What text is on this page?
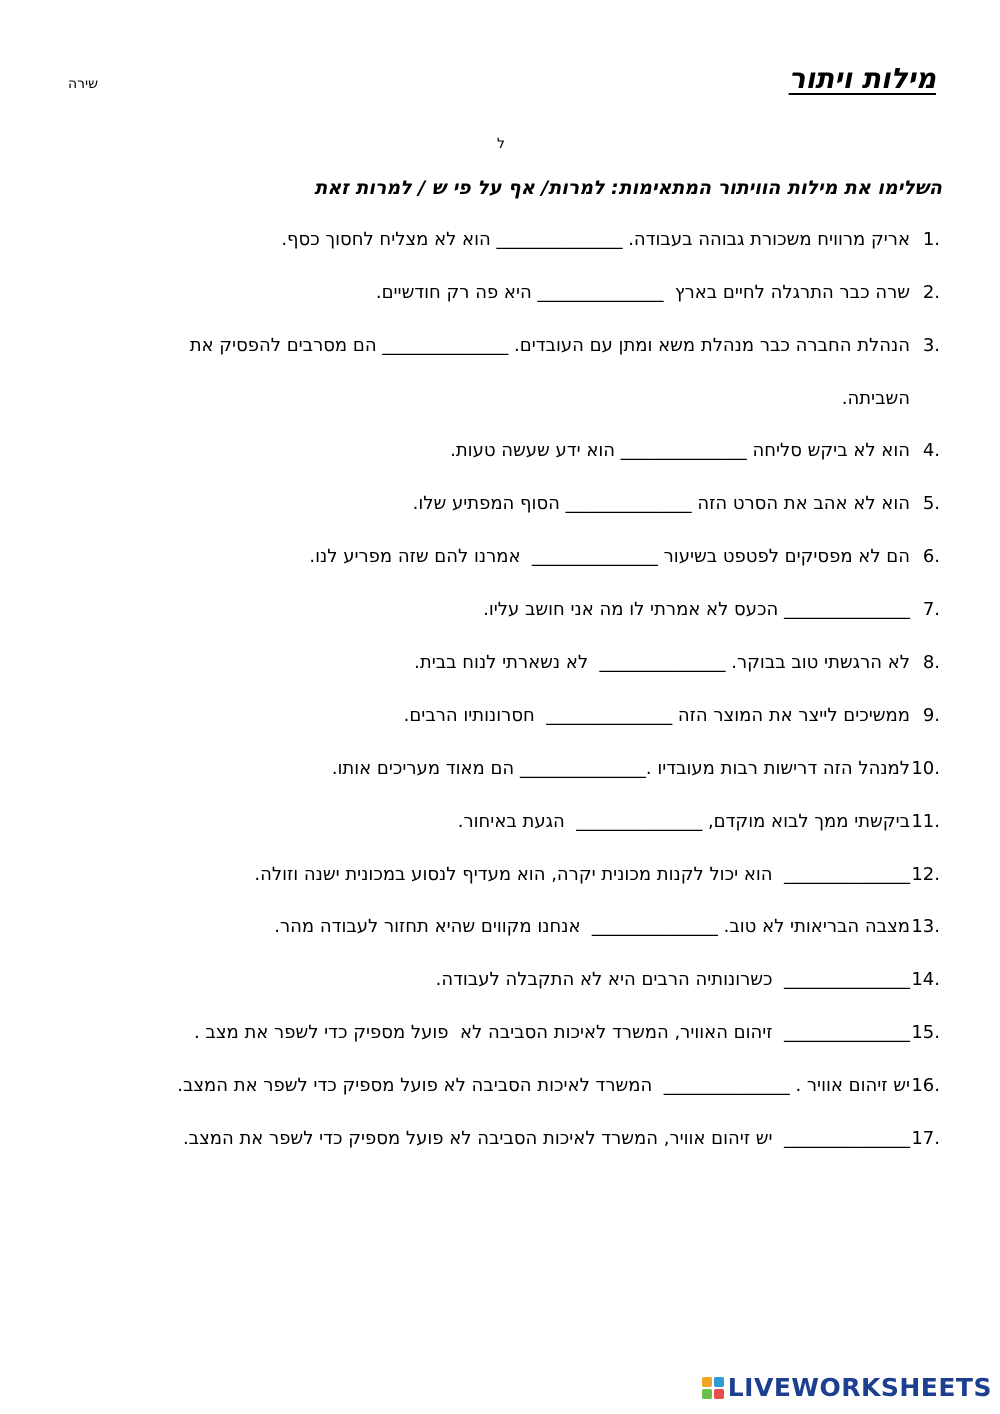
מילות ויתור
שירה
ל
השלימו את מילות הוויתור המתאימות: למרות/ אף על פי ש / למרות זאת
1.
אריק מרוויח משכורת גבוהה בעבודה. ______________ הוא לא מצליח לחסוך כסף.
2.
שרה כבר התרגלה לחיים בארץ  ______________ היא פה רק חודשיים.
3.
הנהלת החברה כבר מנהלת משא ומתן עם העובדים. ______________ הם מסרבים להפסיק את
השביתה.
4.
הוא לא ביקש סליחה ______________ הוא ידע שעשה טעות.
5.
הוא לא אהב את הסרט הזה ______________ הסוף המפתיע שלו.
6.
הם לא מפסיקים לפטפט בשיעור ______________  אמרנו להם שזה מפריע לנו.
7.
______________ הכעס לא אמרתי לו מה אני חושב עליו.
8.
לא הרגשתי טוב בבוקר. ______________  לא נשארתי לנוח בבית.
9.
ממשיכים לייצר את המוצר הזה ______________  חסרונותיו הרבים.
10.
למנהל הזה דרישות רבות מעובדיו .______________ הם מאוד מעריכים אותו.
11.
ביקשתי ממך לבוא מוקדם, ______________  הגעת באיחור.
12.
______________  הוא יכול לקנות מכונית יקרה, הוא מעדיף לנסוע במכונית ישנה וזולה.
13.
מצבה הבריאותי לא טוב. ______________  אנחנו מקווים שהיא תחזור לעבודה מהר.
14.
______________  כשרונותיה הרבים היא לא התקבלה לעבודה.
15.
______________  זיהום האוויר, המשרד לאיכות הסביבה לא  פועל מספיק כדי לשפר את מצב .
16.
יש זיהום אוויר . ______________  המשרד לאיכות הסביבה לא פועל מספיק כדי לשפר את המצב.
17.
______________  יש זיהום אוויר, המשרד לאיכות הסביבה לא פועל מספיק כדי לשפר את המצב.
LIVEWORKSHEETS
